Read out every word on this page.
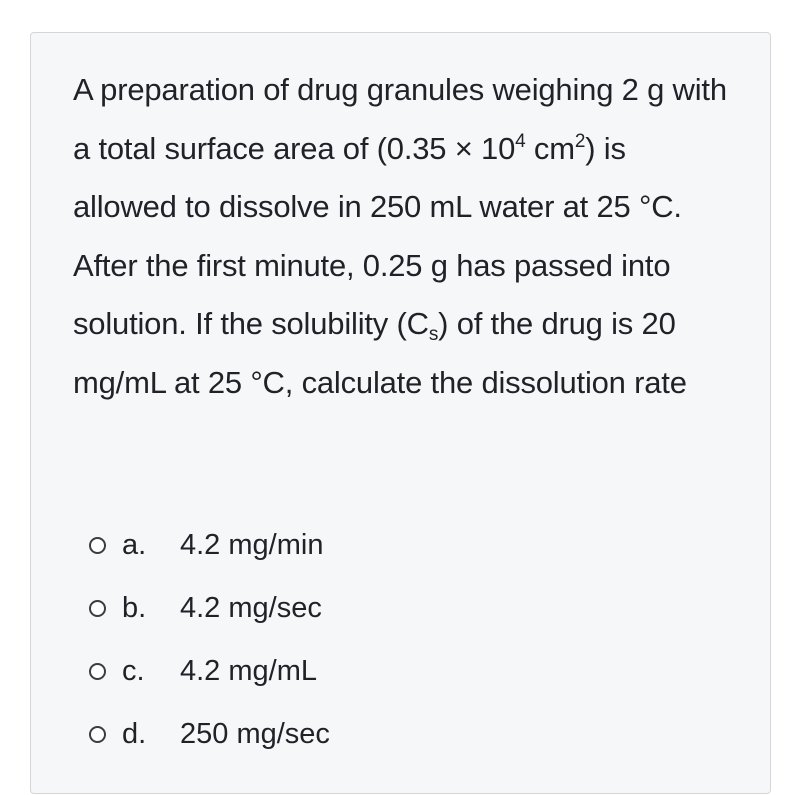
A preparation of drug granules weighing 2 g with a total surface area of ($0.35 \times 10^4$ $cm^2$) is allowed to dissolve in 250 mL water at 25 °C. After the first minute, 0.25 g has passed into solution. If the solubility $(C_s)$ of the drug is 20 mg/mL at 25 °C, calculate the dissolution rate

a.	4.2 mg/min
b.	4.2 mg/sec
c.	4.2 mg/mL
d.	250 mg/sec
